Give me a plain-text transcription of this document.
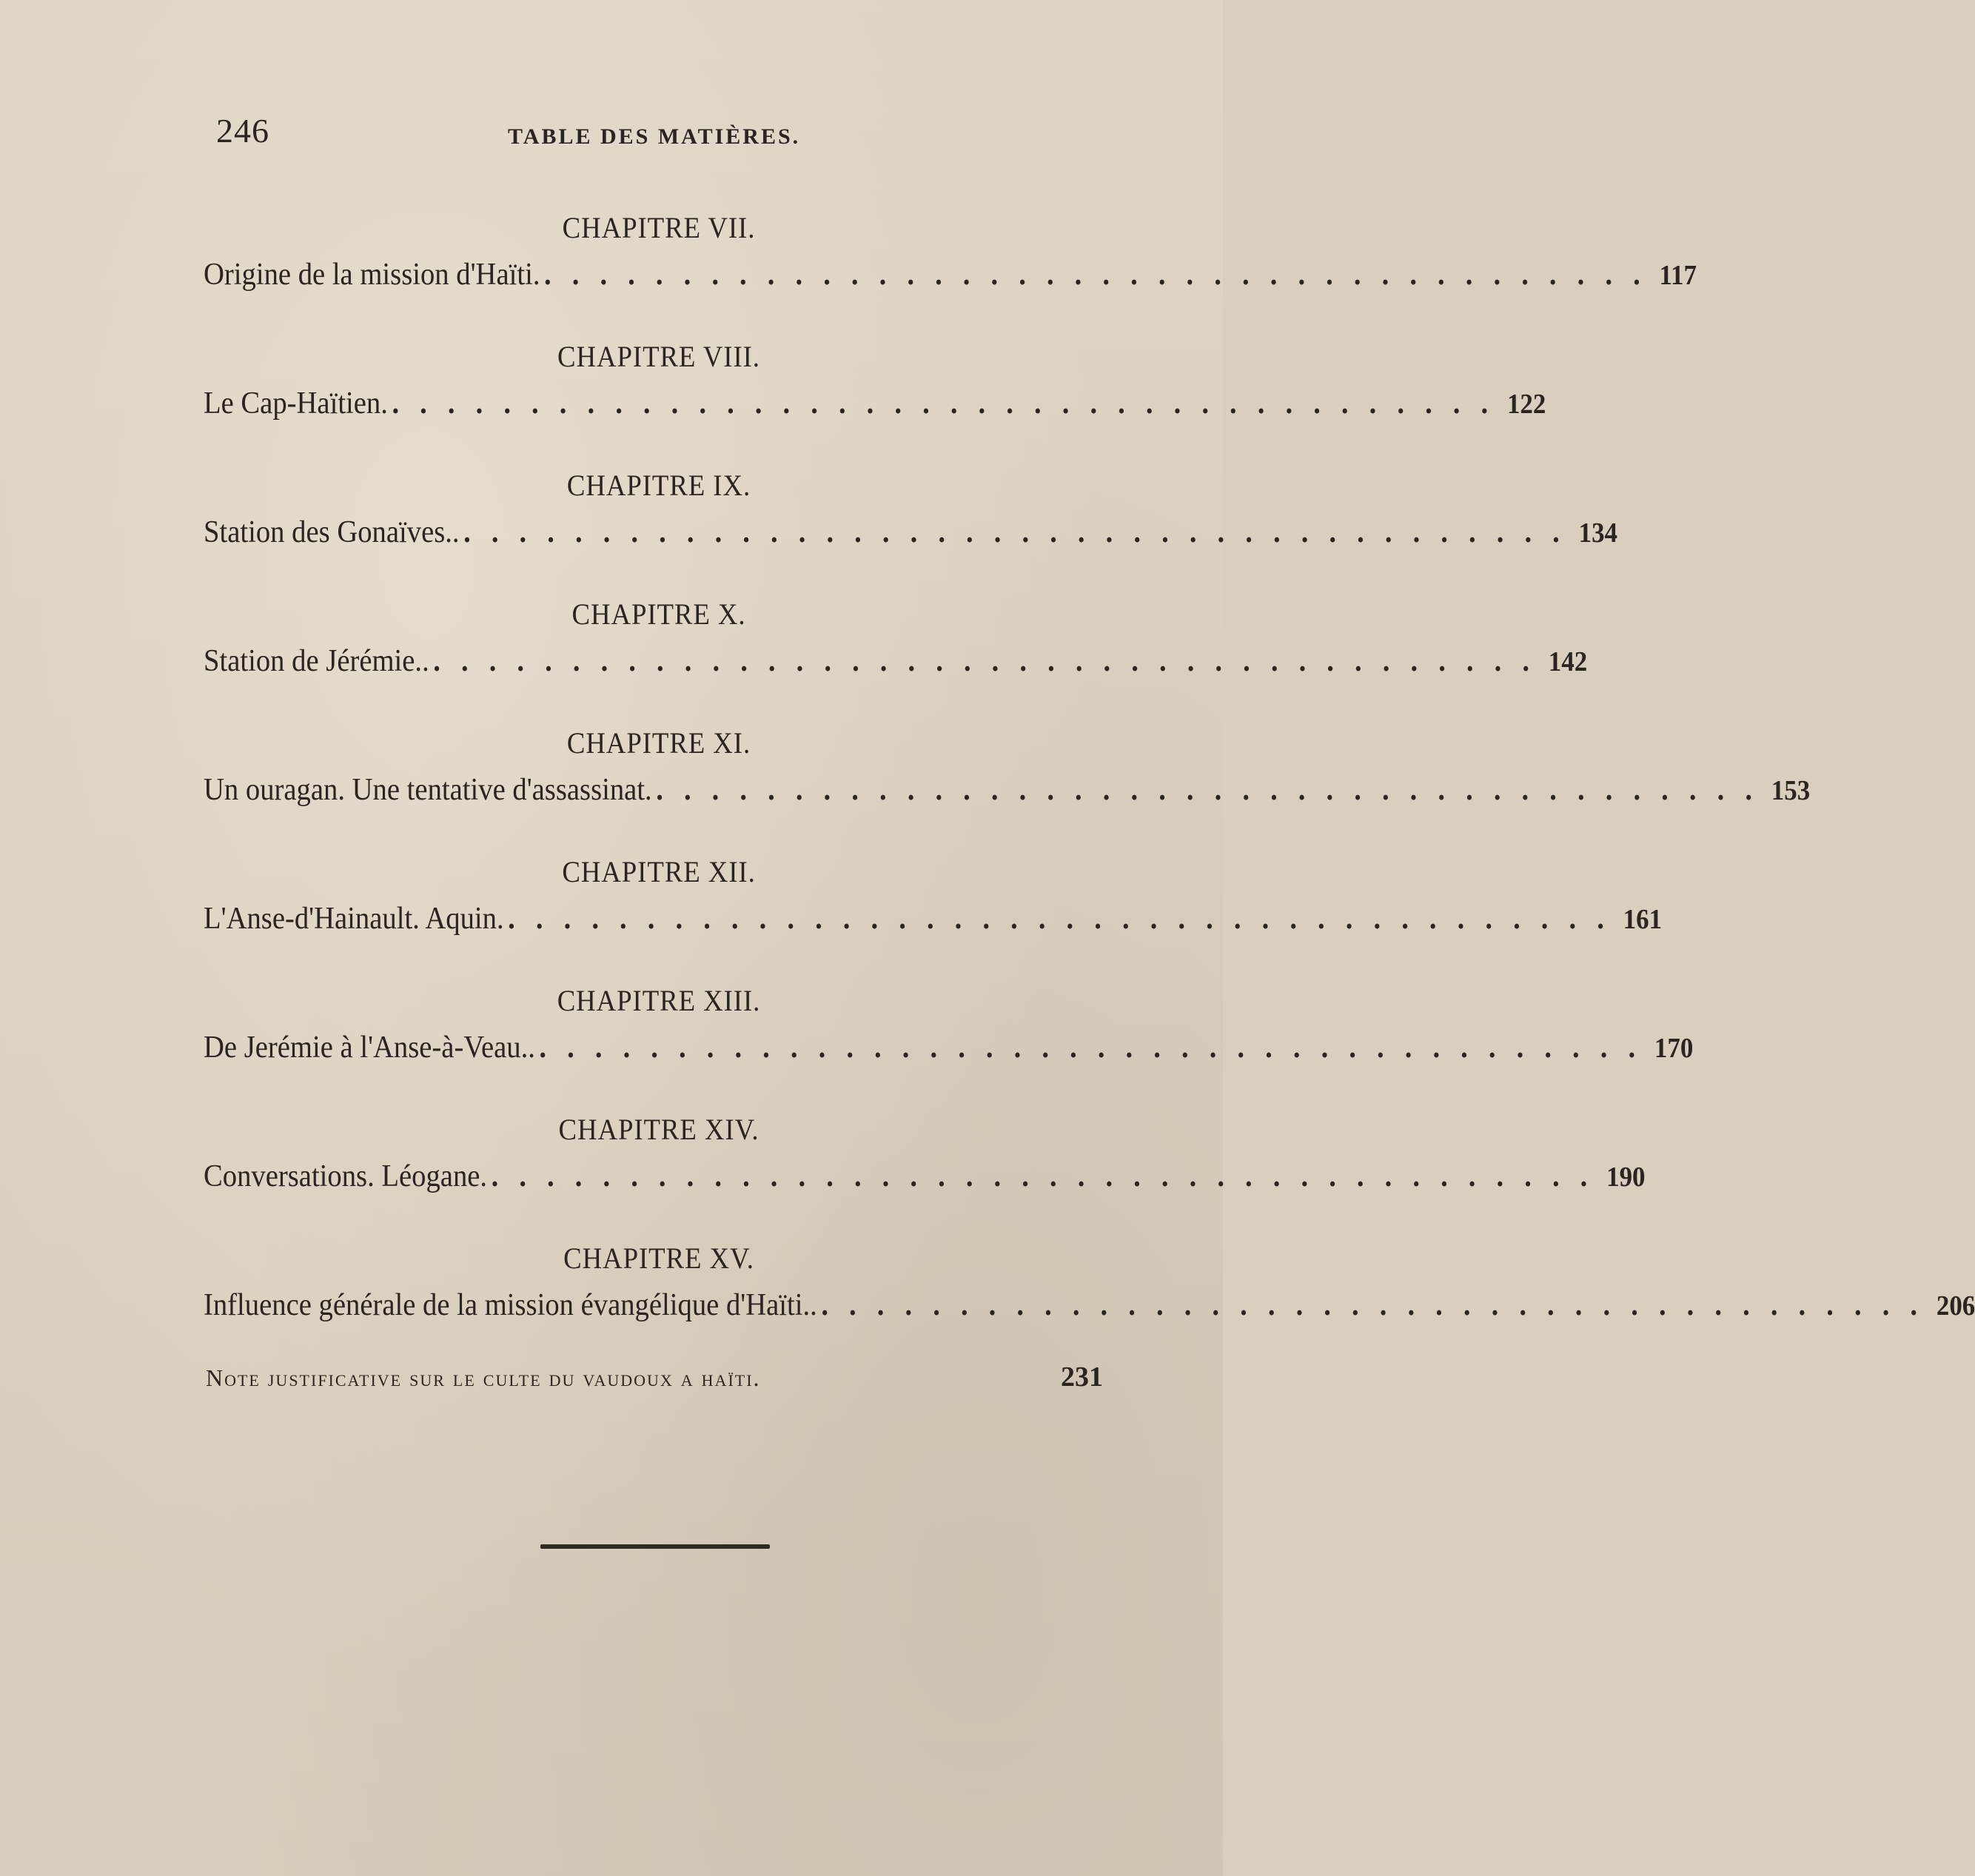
246	TABLE DES MATIÈRES.
CHAPITRE VII.
Origine de la mission d'Haïti. . . . . . . . . . . . . . . . . . . . . . . . . . . . . . . . . . . . . . . . . 117
CHAPITRE VIII.
Le Cap-Haïtien. . . . . . . . . . . . . . . . . . . . . . . . . . . . . . . . . . . . . . . . . 122
CHAPITRE IX.
Station des Gonaïves.. . . . . . . . . . . . . . . . . . . . . . . . . . . . . . . . . . . . . . . . . 134
CHAPITRE X.
Station de Jérémie.. . . . . . . . . . . . . . . . . . . . . . . . . . . . . . . . . . . . . . . . . 142
CHAPITRE XI.
Un ouragan. Une tentative d'assassinat. . . . . . . . . . . . . . . . . . . . . . . . . . . . . . . . . . . . . . . . . 153
CHAPITRE XII.
L'Anse-d'Hainault. Aquin. . . . . . . . . . . . . . . . . . . . . . . . . . . . . . . . . . . . . . . . . 161
CHAPITRE XIII.
De Jerémie à l'Anse-à-Veau.. . . . . . . . . . . . . . . . . . . . . . . . . . . . . . . . . . . . . . . . . 170
CHAPITRE XIV.
Conversations. Léogane. . . . . . . . . . . . . . . . . . . . . . . . . . . . . . . . . . . . . . . . . 190
CHAPITRE XV.
Influence générale de la mission évangélique d'Haïti.. . . . . . . . . . . . . . . . . . . . . . . . . . . . . . . . . . . . . . . . . 206
Note justificative sur le culte du vaudoux a haïti.	231
